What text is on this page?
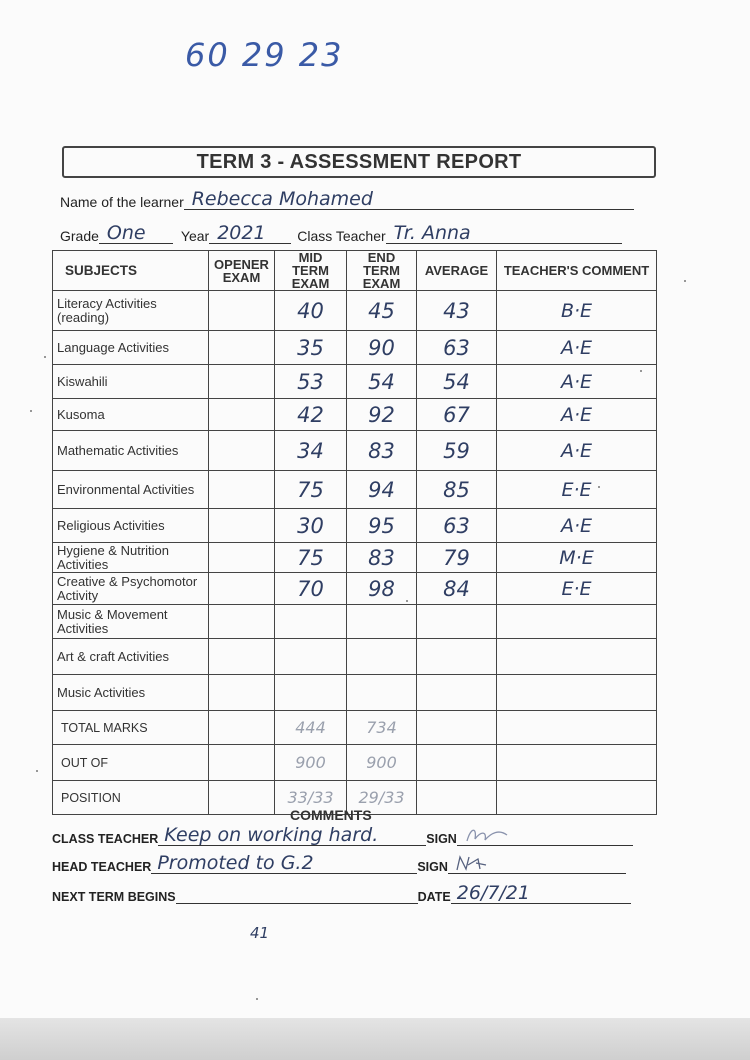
60 29 23
TERM 3 - ASSESSMENT REPORT
Name of the learner Rebecca Mohamed
Grade One	Year 2021 Class Teacher Tr. Anna
SUBJECTS	OPENER EXAM	MID TERM EXAM	END TERM EXAM	AVERAGE	TEACHER'S COMMENT
Literacy Activities (reading)		40	45	43	B·E
Language Activities		35	90	63	A·E
Kiswahili		53	54	54	A·E
Kusoma		42	92	67	A·E
Mathematic Activities		34	83	59	A·E
Environmental Activities		75	94	85	E·E
Religious Activities		30	95	63	A·E
Hygiene & Nutrition Activities		75	83	79	M·E
Creative & Psychomotor Activity		70	98	84	E·E
Music & Movement Activities					
Art & craft Activities					
Music Activities					
TOTAL MARKS		444	734		
OUT OF		900	900		
POSITION		33/33	29/33		
COMMENTS
CLASS TEACHER Keep on working hard.	SIGN
HEAD TEACHER Promoted to G.2	SIGN
NEXT TERM BEGINS	DATE 26/7/21
41
